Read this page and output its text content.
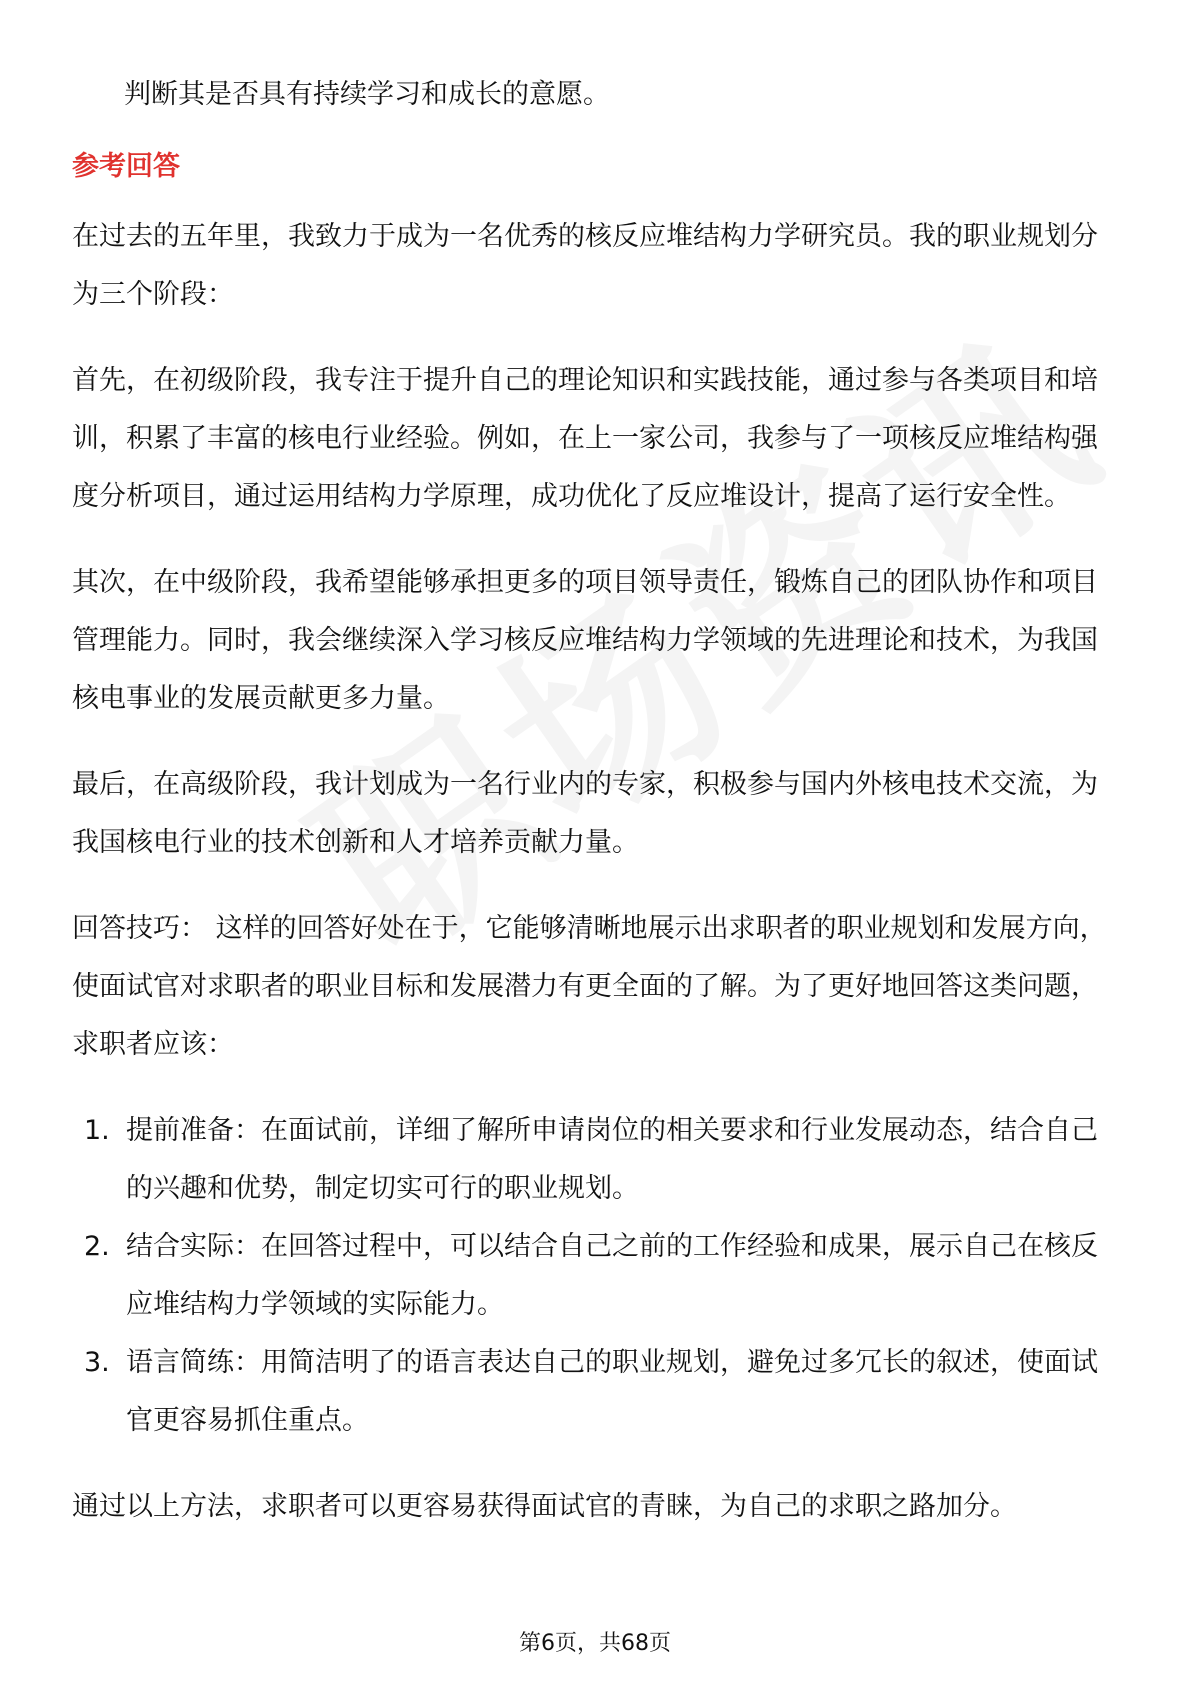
判断其是否具有持续学习和成长的意愿。

参考回答

在过去的五年里，我致力于成为一名优秀的核反应堆结构力学研究员。我的职业规划分为三个阶段：

首先，在初级阶段，我专注于提升自己的理论知识和实践技能，通过参与各类项目和培训，积累了丰富的核电行业经验。例如，在上一家公司，我参与了一项核反应堆结构强度分析项目，通过运用结构力学原理，成功优化了反应堆设计，提高了运行安全性。

其次，在中级阶段，我希望能够承担更多的项目领导责任，锻炼自己的团队协作和项目管理能力。同时，我会继续深入学习核反应堆结构力学领域的先进理论和技术，为我国核电事业的发展贡献更多力量。

最后，在高级阶段，我计划成为一名行业内的专家，积极参与国内外核电技术交流，为我国核电行业的技术创新和人才培养贡献力量。

回答技巧： 这样的回答好处在于，它能够清晰地展示出求职者的职业规划和发展方向，使面试官对求职者的职业目标和发展潜力有更全面的了解。为了更好地回答这类问题，求职者应该：

1. 提前准备：在面试前，详细了解所申请岗位的相关要求和行业发展动态，结合自己的兴趣和优势，制定切实可行的职业规划。
2. 结合实际：在回答过程中，可以结合自己之前的工作经验和成果，展示自己在核反应堆结构力学领域的实际能力。
3. 语言简练：用简洁明了的语言表达自己的职业规划，避免过多冗长的叙述，使面试官更容易抓住重点。

通过以上方法，求职者可以更容易获得面试官的青睐，为自己的求职之路加分。

第6页，共68页
